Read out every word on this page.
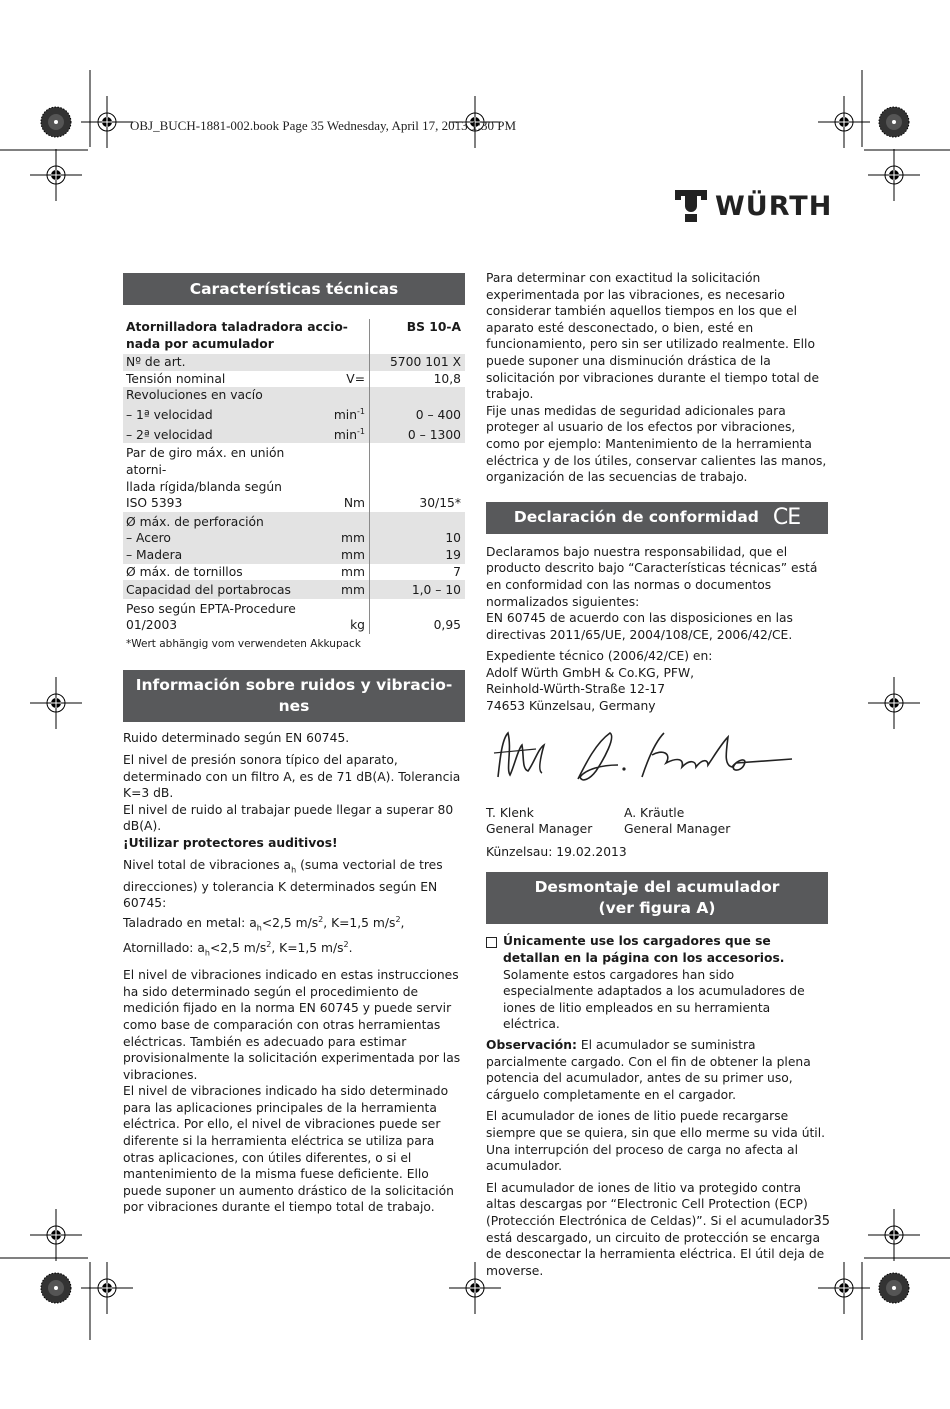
OBJ_BUCH-1881-002.book Page 35 Wednesday, April 17, 2013 1:30 PM
WÜRTH
Características técnicas
Atornilladora taladradora accio-
nada por acumulador		BS 10-A
Nº de art.		5700 101 X
Tensión nominal	V=	10,8
Revoluciones en vacío		
– 1ª velocidad	$\min^{-1}$	0 – 400
– 2ª velocidad	$\min^{-1}$	0 – 1300
Par de giro máx. en unión atorni-
llada rígida/blanda según
ISO 5393	Nm	30/15*
Ø máx. de perforación		
– Acero	mm	10
– Madera	mm	19
Ø máx. de tornillos	mm	7
Capacidad del portabrocas	mm	1,0 – 10
Peso según EPTA-Procedure
01/2003	kg	0,95
*Wert abhängig vom verwendeten Akkupack
Información sobre ruidos y vibracio-
nes

Ruido determinado según EN 60745.

El nivel de presión sonora típico del aparato, determinado con un filtro A, es de 71 dB(A). Tolerancia K=3 dB.

El nivel de ruido al trabajar puede llegar a superar 80 dB(A).

¡Utilizar protectores auditivos!

Nivel total de vibraciones $a_h$ (suma vectorial de tres direcciones) y tolerancia K determinados según EN 60745:
Taladrado en metal: $a_h<2,5$ $m/s^2$, K=1,5 $m/s^2$,
Atornillado: $a_h<2,5$ $m/s^2$, K=1,5 $m/s^2$.

El nivel de vibraciones indicado en estas instrucciones ha sido determinado según el procedimiento de medición fijado en la norma EN 60745 y puede servir como base de comparación con otras herramientas eléctricas. También es adecuado para estimar provisionalmente la solicitación experimentada por las vibraciones.

El nivel de vibraciones indicado ha sido determinado para las aplicaciones principales de la herramienta eléctrica. Por ello, el nivel de vibraciones puede ser diferente si la herramienta eléctrica se utiliza para otras aplicaciones, con útiles diferentes, o si el mantenimiento de la misma fuese deficiente. Ello puede suponer un aumento drástico de la solicitación por vibraciones durante el tiempo total de trabajo.

Para determinar con exactitud la solicitación experimentada por las vibraciones, es necesario considerar también aquellos tiempos en los que el aparato esté desconectado, o bien, esté en funcionamiento, pero sin ser utilizado realmente. Ello puede suponer una disminución drástica de la solicitación por vibraciones durante el tiempo total de trabajo.

Fije unas medidas de seguridad adicionales para proteger al usuario de los efectos por vibraciones, como por ejemplo: Mantenimiento de la herramienta eléctrica y de los útiles, conservar calientes las manos, organización de las secuencias de trabajo.

Declaración de conformidad CE

Declaramos bajo nuestra responsabilidad, que el producto descrito bajo “Características técnicas” está en conformidad con las normas o documentos normalizados siguientes:

EN 60745 de acuerdo con las disposiciones en las directivas 2011/65/UE, 2004/108/CE, 2006/42/CE.

Expediente técnico (2006/42/CE) en:

Adolf Würth GmbH & Co.KG, PFW,
Reinhold-Würth-Straße 12-17
74653 Künzelsau, Germany
T. Klenk
General Manager
A. Kräutle
General Manager

Künzelsau: 19.02.2013

Desmontaje del acumulador
(ver figura A)
Únicamente use los cargadores que se detallan en la página con los accesorios. Solamente estos cargadores han sido especialmente adaptados a los acumuladores de iones de litio empleados en su herramienta eléctrica.

Observación: El acumulador se suministra parcialmente cargado. Con el fin de obtener la plena potencia del acumulador, antes de su primer uso, cárguelo completamente en el cargador.

El acumulador de iones de litio puede recargarse siempre que se quiera, sin que ello merme su vida útil. Una interrupción del proceso de carga no afecta al acumulador.

El acumulador de iones de litio va protegido contra altas descargas por “Electronic Cell Protection (ECP) (Protección Electrónica de Celdas)”. Si el acumulador está descargado, un circuito de protección se encarga de desconectar la herramienta eléctrica. El útil deja de moverse.

35
